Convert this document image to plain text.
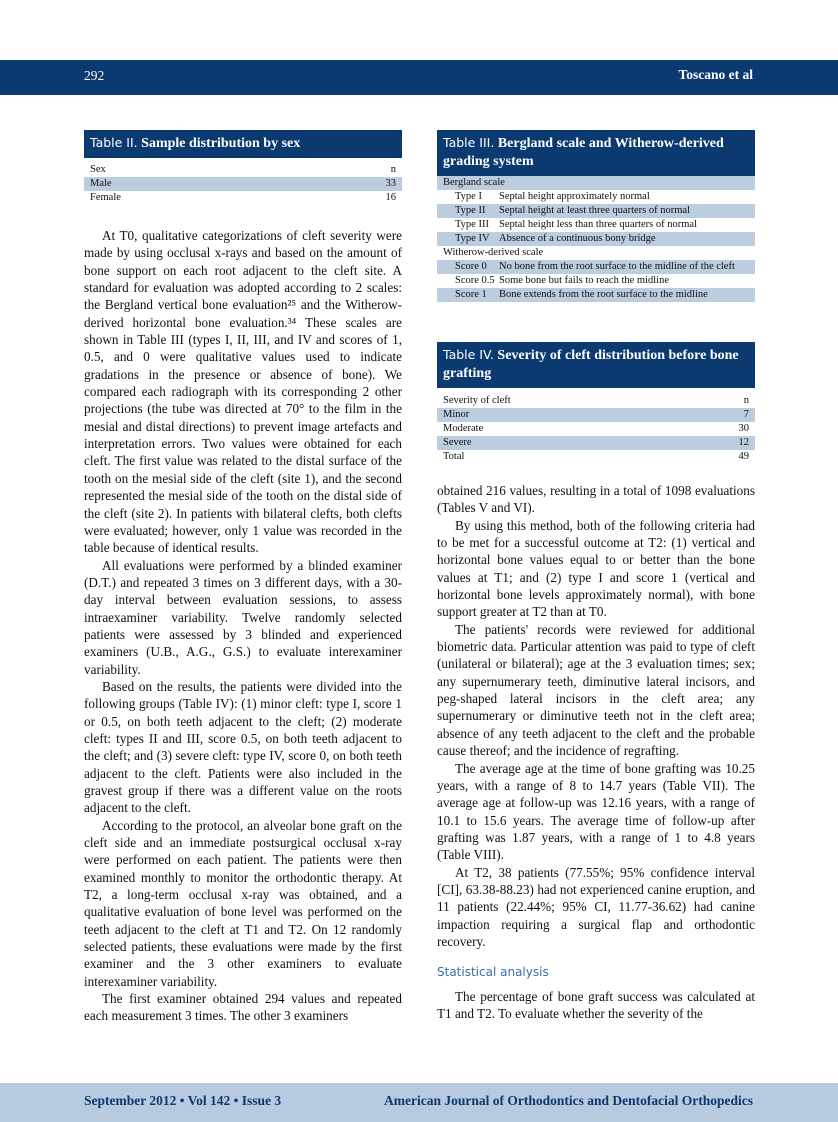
292	Toscano et al
Table II. Sample distribution by sex
Sex	n
Male	33
Female	16
Table III. Bergland scale and Witherow-derived grading system
Bergland scale
Type I	Septal height approximately normal
Type II	Septal height at least three quarters of normal
Type III Septal height less than three quarters of normal
Type IV Absence of a continuous bony bridge
Witherow-derived scale
Score 0	No bone from the root surface to the midline of the cleft
Score 0.5 Some bone but fails to reach the midline
Score 1	Bone extends from the root surface to the midline
Table IV. Severity of cleft distribution before bone grafting
Severity of cleft	n
Minor	7
Moderate	30
Severe	12
Total	49

At T0, qualitative categorizations of cleft severity were made by using occlusal x-rays and based on the amount of bone support on each root adjacent to the cleft site. A standard for evaluation was adopted according to 2 scales: the Bergland vertical bone evaluation²⁵ and the Witherow-derived horizontal bone evaluation.³⁴ These scales are shown in Table III (types I, II, III, and IV and scores of 1, 0.5, and 0 were qualitative values used to indicate gradations in the presence or absence of bone). We compared each radiograph with its corresponding 2 other projections (the tube was directed at 70° to the film in the mesial and distal directions) to prevent image artefacts and interpretation errors. Two values were obtained for each cleft. The first value was related to the distal surface of the tooth on the mesial side of the cleft (site 1), and the second represented the mesial side of the tooth on the distal side of the cleft (site 2). In patients with bilateral clefts, both clefts were evaluated; however, only 1 value was recorded in the table because of identical results.

All evaluations were performed by a blinded examiner (D.T.) and repeated 3 times on 3 different days, with a 30-day interval between evaluation sessions, to assess intraexaminer variability. Twelve randomly selected patients were assessed by 3 blinded and experienced examiners (U.B., A.G., G.S.) to evaluate interexaminer variability.

Based on the results, the patients were divided into the following groups (Table IV): (1) minor cleft: type I, score 1 or 0.5, on both teeth adjacent to the cleft; (2) moderate cleft: types II and III, score 0.5, on both teeth adjacent to the cleft; and (3) severe cleft: type IV, score 0, on both teeth adjacent to the cleft. Patients were also included in the gravest group if there was a different value on the roots adjacent to the cleft.

According to the protocol, an alveolar bone graft on the cleft side and an immediate postsurgical occlusal x-ray were performed on each patient. The patients were then examined monthly to monitor the orthodontic therapy. At T2, a long-term occlusal x-ray was obtained, and a qualitative evaluation of bone level was performed on the teeth adjacent to the cleft at T1 and T2. On 12 randomly selected patients, these evaluations were made by the first examiner and the 3 other examiners to evaluate interexaminer variability.

The first examiner obtained 294 values and repeated each measurement 3 times. The other 3 examiners

obtained 216 values, resulting in a total of 1098 evaluations (Tables V and VI).

By using this method, both of the following criteria had to be met for a successful outcome at T2: (1) vertical and horizontal bone values equal to or better than the bone values at T1; and (2) type I and score 1 (vertical and horizontal bone levels approximately normal), with bone support greater at T2 than at T0.

The patients' records were reviewed for additional biometric data. Particular attention was paid to type of cleft (unilateral or bilateral); age at the 3 evaluation times; sex; any supernumerary teeth, diminutive lateral incisors, and peg-shaped lateral incisors in the cleft area; any supernumerary or diminutive teeth not in the cleft area; absence of any teeth adjacent to the cleft and the probable cause thereof; and the incidence of regrafting.

The average age at the time of bone grafting was 10.25 years, with a range of 8 to 14.7 years (Table VII). The average age at follow-up was 12.16 years, with a range of 10.1 to 15.6 years. The average time of follow-up after grafting was 1.87 years, with a range of 1 to 4.8 years (Table VIII).

At T2, 38 patients (77.55%; 95% confidence interval [CI], 63.38-88.23) had not experienced canine eruption, and 11 patients (22.44%; 95% CI, 11.77-36.62) had canine impaction requiring a surgical flap and orthodontic recovery.

Statistical analysis

The percentage of bone graft success was calculated at T1 and T2. To evaluate whether the severity of the

September 2012 • Vol 142 • Issue 3	American Journal of Orthodontics and Dentofacial Orthopedics
